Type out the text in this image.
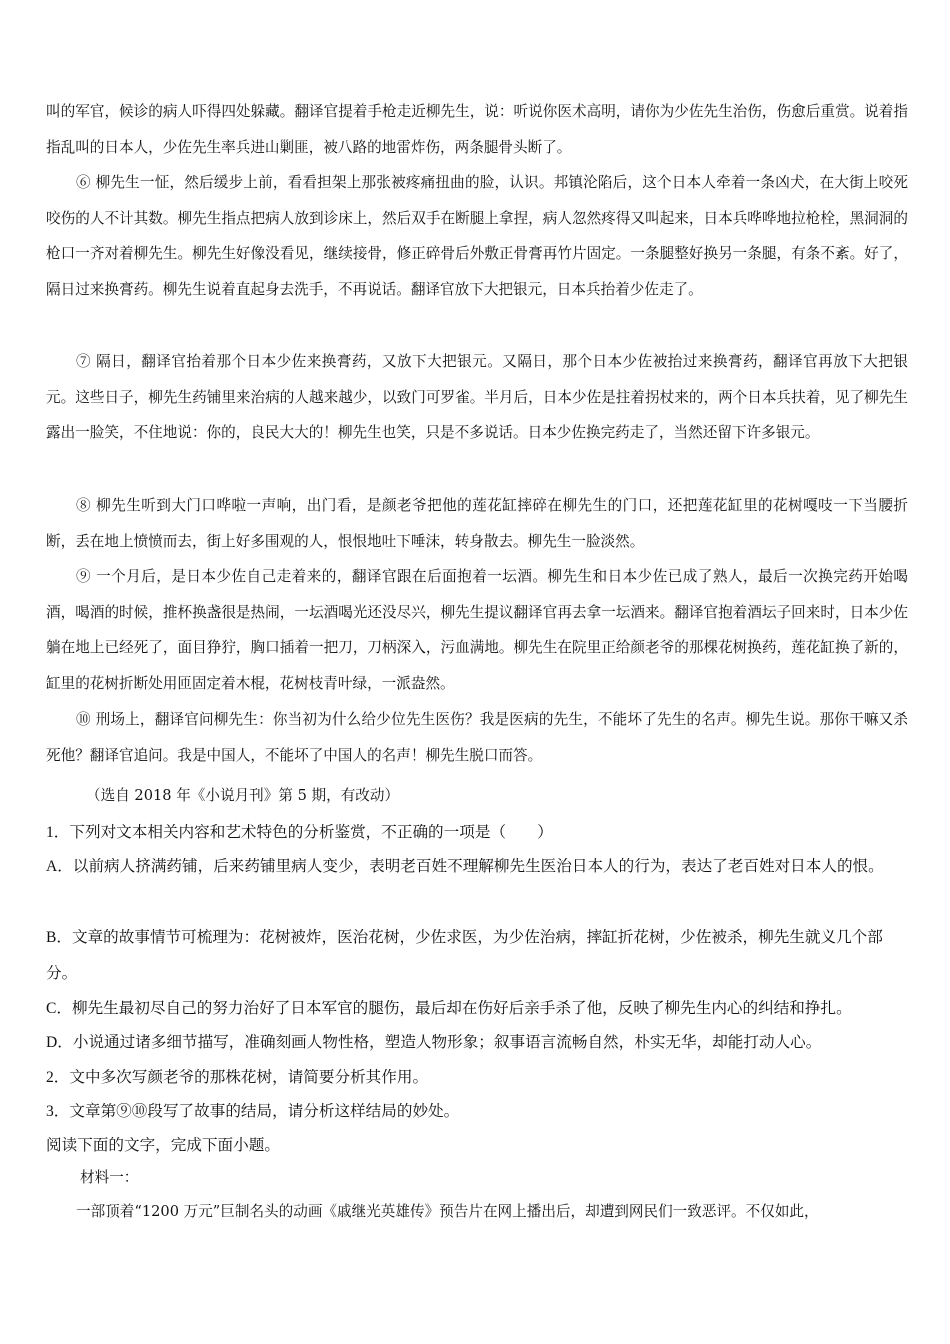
叫的军官，候诊的病人吓得四处躲藏。翻译官提着手枪走近柳先生，说：听说你医术高明，请你为少佐先生治伤，伤愈后重赏。说着指指乱叫的日本人，少佐先生率兵进山剿匪，被八路的地雷炸伤，两条腿骨头断了。

⑥ 柳先生一怔，然后缓步上前，看看担架上那张被疼痛扭曲的脸，认识。邦镇沦陷后，这个日本人牵着一条凶犬，在大街上咬死咬伤的人不计其数。柳先生指点把病人放到诊床上，然后双手在断腿上拿捏，病人忽然疼得又叫起来，日本兵哗哗地拉枪栓，黑洞洞的枪口一齐对着柳先生。柳先生好像没看见，继续接骨，修正碎骨后外敷正骨膏再竹片固定。一条腿整好换另一条腿，有条不紊。好了，隔日过来换膏药。柳先生说着直起身去洗手，不再说话。翻译官放下大把银元，日本兵抬着少佐走了。

⑦ 隔日，翻译官抬着那个日本少佐来换膏药，又放下大把银元。又隔日，那个日本少佐被抬过来换膏药，翻译官再放下大把银元。这些日子，柳先生药铺里来治病的人越来越少，以致门可罗雀。半月后，日本少佐是拄着拐杖来的，两个日本兵扶着，见了柳先生露出一脸笑，不住地说：你的，良民大大的！柳先生也笑，只是不多说话。日本少佐换完药走了，当然还留下许多银元。

⑧ 柳先生听到大门口哗啦一声响，出门看，是颜老爷把他的莲花缸摔碎在柳先生的门口，还把莲花缸里的花树嘎吱一下当腰折断，丢在地上愤愤而去，街上好多围观的人，恨恨地吐下唾沫，转身散去。柳先生一脸淡然。

⑨ 一个月后，是日本少佐自己走着来的，翻译官跟在后面抱着一坛酒。柳先生和日本少佐已成了熟人，最后一次换完药开始喝酒，喝酒的时候，推杯换盏很是热闹，一坛酒喝光还没尽兴，柳先生提议翻译官再去拿一坛酒来。翻译官抱着酒坛子回来时，日本少佐躺在地上已经死了，面目狰狞，胸口插着一把刀，刀柄深入，污血满地。柳先生在院里正给颜老爷的那棵花树换药，莲花缸换了新的，缸里的花树折断处用匝固定着木棍，花树枝青叶绿，一派盎然。

⑩ 刑场上，翻译官问柳先生：你当初为什么给少位先生医伤？我是医病的先生，不能坏了先生的名声。柳先生说。那你干嘛又杀死他？翻译官追问。我是中国人，不能坏了中国人的名声！柳先生脱口而答。

（选自 2018 年《小说月刊》第 5 期，有改动）

1．下列对文本相关内容和艺术特色的分析鉴赏，不正确的一项是（　　）

A．以前病人挤满药铺，后来药铺里病人变少，表明老百姓不理解柳先生医治日本人的行为，表达了老百姓对日本人的恨。

B．文章的故事情节可梳理为：花树被炸，医治花树，少佐求医，为少佐治病，摔缸折花树，少佐被杀，柳先生就义几个部分。

C．柳先生最初尽自己的努力治好了日本军官的腿伤，最后却在伤好后亲手杀了他，反映了柳先生内心的纠结和挣扎。

D．小说通过诸多细节描写，准确刻画人物性格，塑造人物形象；叙事语言流畅自然，朴实无华，却能打动人心。

2．文中多次写颜老爷的那株花树，请简要分析其作用。

3．文章第⑨⑩段写了故事的结局，请分析这样结局的妙处。

阅读下面的文字，完成下面小题。

材料一：

一部顶着“1200 万元”巨制名头的动画《戚继光英雄传》预告片在网上播出后，却遭到网民们一致恶评。不仅如此，
